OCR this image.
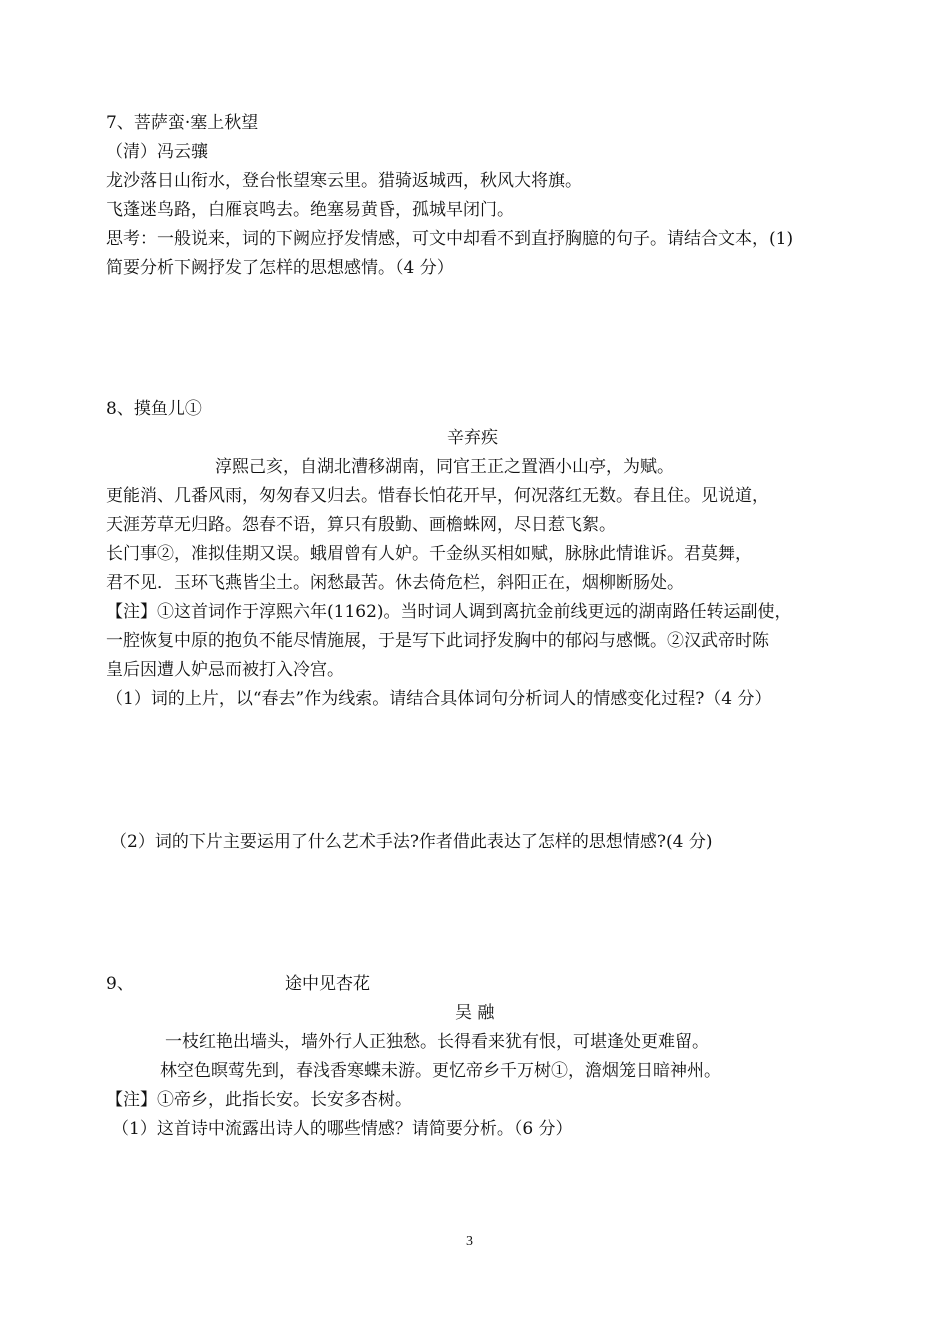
7、菩萨蛮·塞上秋望
（清）冯云骧
龙沙落日山衔水，登台怅望寒云里。猎骑返城西，秋风大将旗。
飞蓬迷鸟路，白雁哀鸣去。绝塞易黄昏，孤城早闭门。
思考：一般说来，词的下阙应抒发情感，可文中却看不到直抒胸臆的句子。请结合文本，(1)
简要分析下阙抒发了怎样的思想感情。（4 分）
8、摸鱼儿①
辛弃疾
淳熙己亥，自湖北漕移湖南，同官王正之置酒小山亭，为赋。
更能消、几番风雨，匆匆春又归去。惜春长怕花开早，何况落红无数。春且住。见说道，
天涯芳草无归路。怨春不语，算只有殷勤、画檐蛛网，尽日惹飞絮。
长门事②，准拟佳期又误。蛾眉曾有人妒。千金纵买相如赋，脉脉此情谁诉。君莫舞，
君不见．玉环飞燕皆尘土。闲愁最苦。休去倚危栏，斜阳正在，烟柳断肠处。
【注】①这首词作于淳熙六年(1162)。当时词人调到离抗金前线更远的湖南路任转运副使，
一腔恢复中原的抱负不能尽情施展，于是写下此词抒发胸中的郁闷与感慨。②汉武帝时陈
皇后因遭人妒忌而被打入冷宫。
（1）词的上片，以“春去”作为线索。请结合具体词句分析词人的情感变化过程?（4 分）
（2）词的下片主要运用了什么艺术手法?作者借此表达了怎样的思想情感?(4 分)
9、	途中见杏花
吴 融
一枝红艳出墙头，墙外行人正独愁。长得看来犹有恨，可堪逢处更难留。
林空色暝莺先到，春浅香寒蝶未游。更忆帝乡千万树①，澹烟笼日暗神州。
【注】①帝乡，此指长安。长安多杏树。
（1）这首诗中流露出诗人的哪些情感？请简要分析。（6 分）
3
